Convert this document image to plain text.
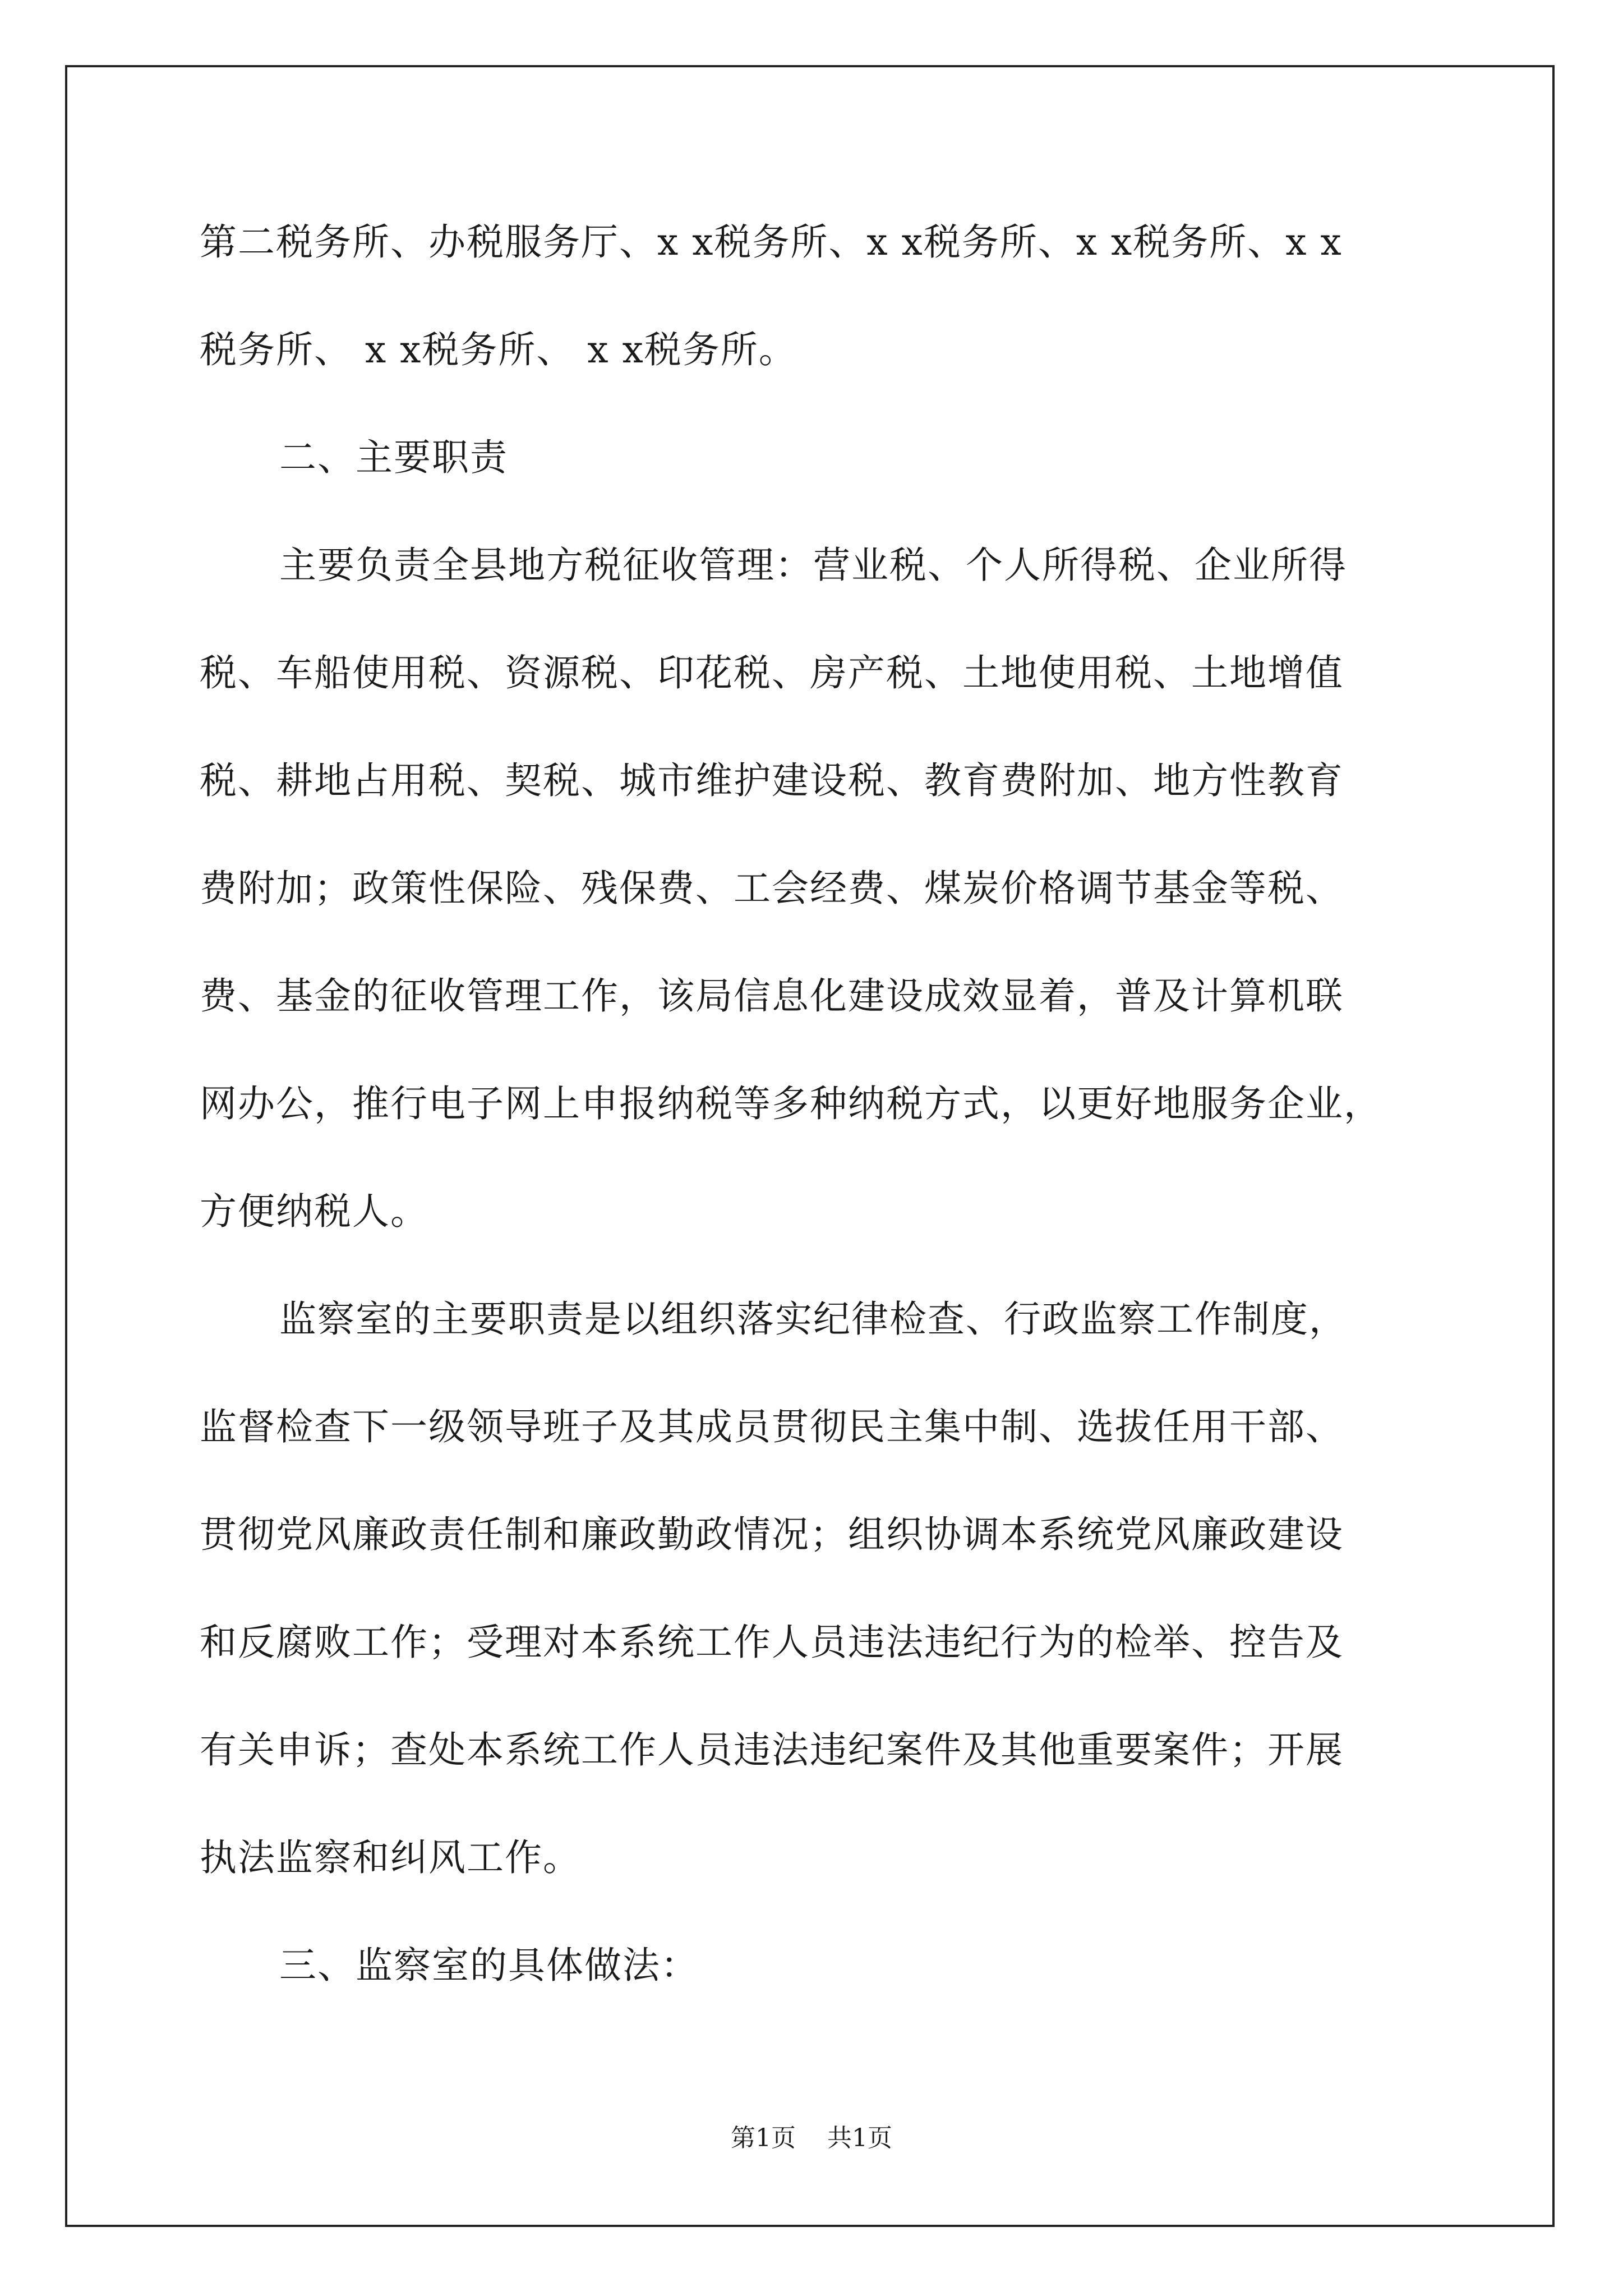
第二税务所、办税服务厅、x x税务所、x x税务所、x x税务所、x x
税务所、 x x税务所、 x x税务所。
二、主要职责
主要负责全县地方税征收管理：营业税、个人所得税、企业所得
税、车船使用税、资源税、印花税、房产税、土地使用税、土地增值
税、耕地占用税、契税、城市维护建设税、教育费附加、地方性教育
费附加；政策性保险、残保费、工会经费、煤炭价格调节基金等税、
费、基金的征收管理工作，该局信息化建设成效显着，普及计算机联
网办公，推行电子网上申报纳税等多种纳税方式，以更好地服务企业，
方便纳税人。
监察室的主要职责是以组织落实纪律检查、行政监察工作制度，
监督检查下一级领导班子及其成员贯彻民主集中制、选拔任用干部、
贯彻党风廉政责任制和廉政勤政情况；组织协调本系统党风廉政建设
和反腐败工作；受理对本系统工作人员违法违纪行为的检举、控告及
有关申诉；查处本系统工作人员违法违纪案件及其他重要案件；开展
执法监察和纠风工作。
三、监察室的具体做法：
第1页 共1页
